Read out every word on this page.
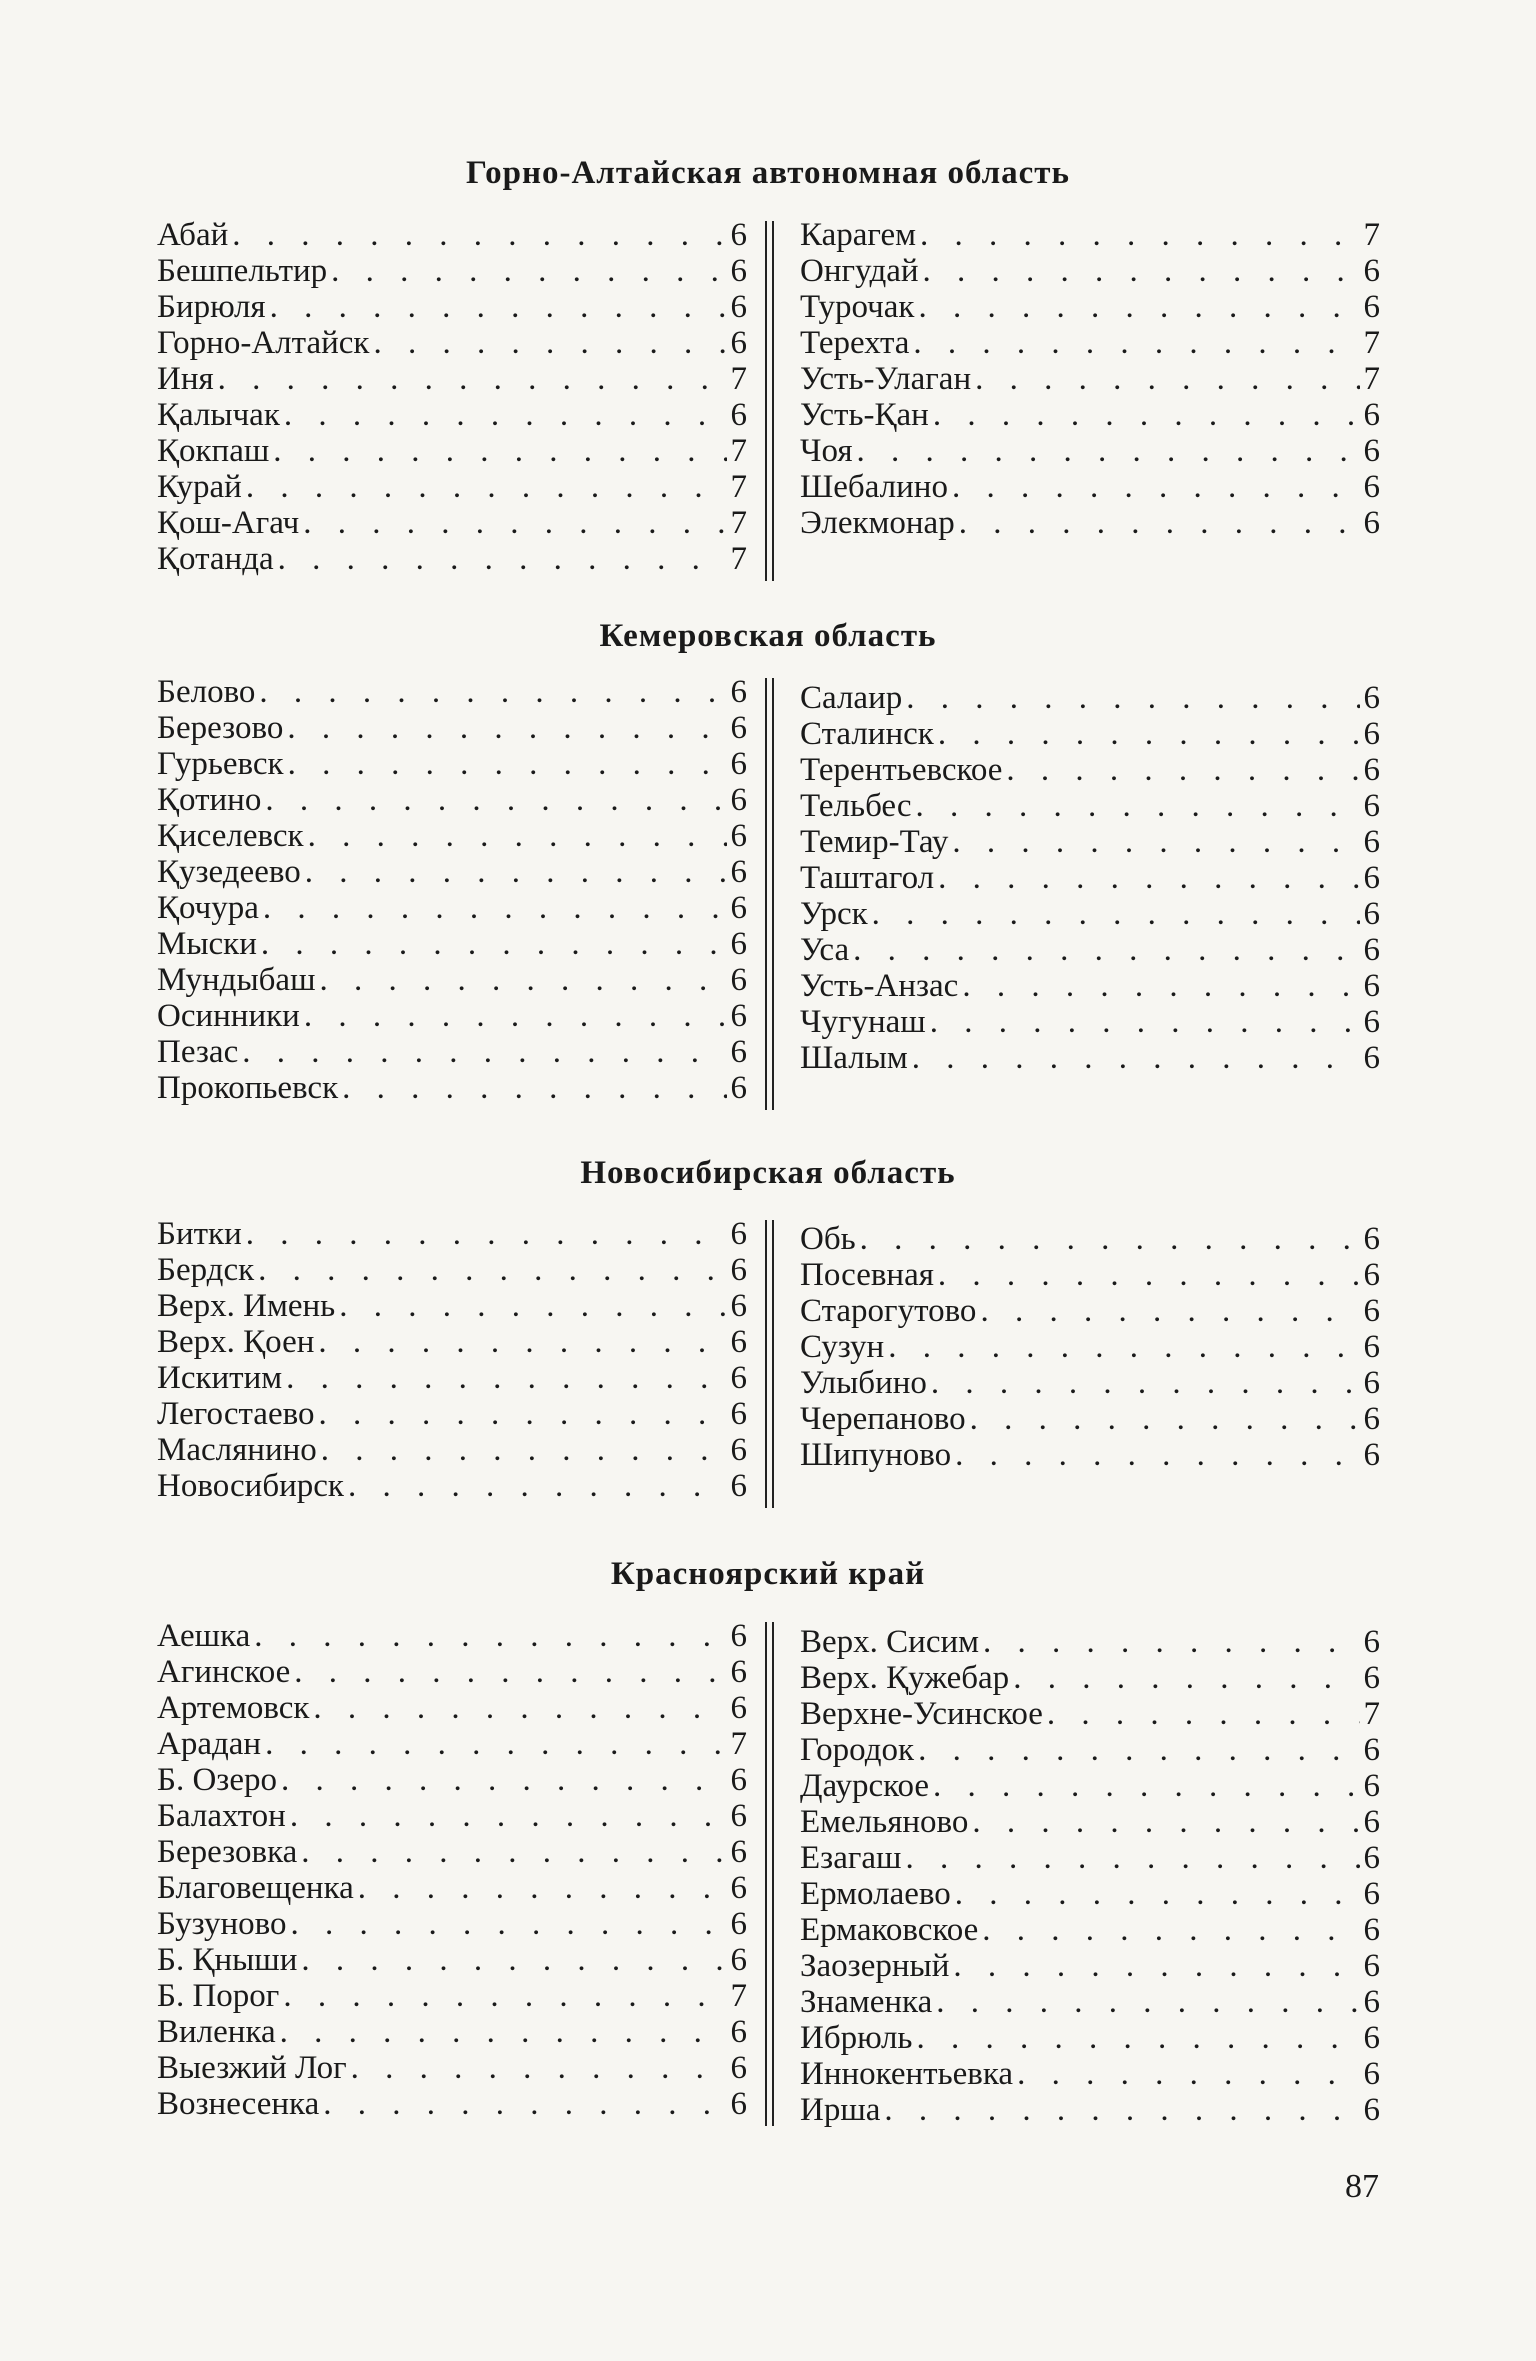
Горно-Алтайская автономная область
Абай . . .	6
Бешпельтир . . .	6
Бирюля . . .	6
Горно-Алтайск . . .	6
Иня . . .	7
Қалычак . . .	6
Қокпаш . . .	7
Курай . . .	7
Қош-Агач . . .	7
Қотанда . . .	7
Карагем . . .	7
Онгудай . . .	6
Турочак . . .	6
Терехта . . .	7
Усть-Улаган . . .	7
Усть-Қан . . .	6
Чоя . . .	6
Шебалино . . .	6
Элекмонар . . .	6
Кемеровская область
Белово . . .	6
Березово . . .	6
Гурьевск . . .	6
Қотино . . .	6
Қиселевск . . .	6
Қузедеево . . .	6
Қочура . . .	6
Мыски . . .	6
Мундыбаш . . .	6
Осинники . . .	6
Пезас . . .	6
Прокопьевск . . .	6
Салаир . . .	6
Сталинск . . .	6
Терентьевское . . .	6
Тельбес . . .	6
Темир-Тау . . .	6
Таштагол . . .	6
Урск . . .	6
Уса . . .	6
Усть-Анзас . . .	6
Чугунаш . . .	6
Шалым . . .	6
Новосибирская область
Битки . . .	6
Бердск . . .	6
Верх. Имень . . .	6
Верх. Қоен . . .	6
Искитим . . .	6
Легостаево . . .	6
Маслянино . . .	6
Новосибирск . . .	6
Обь . . .	6
Посевная . . .	6
Старогутово . . .	6
Сузун . . .	6
Улыбино . . .	6
Черепаново . . .	6
Шипуново . . .	6
Красноярский край
Аешка . . .	6
Агинское . . .	6
Артемовск . . .	6
Арадан . . .	7
Б. Озеро . . .	6
Балахтон . . .	6
Березовка . . .	6
Благовещенка . . .	6
Бузуново . . .	6
Б. Қныши . . .	6
Б. Порог . . .	7
Виленка . . .	6
Выезжий Лог . . .	6
Вознесенка . . .	6
Верх. Сисим . . .	6
Верх. Қужебар . . .	6
Верхне-Усинское . . .	7
Городок . . .	6
Даурское . . .	6
Емельяново . . .	6
Езагаш . . .	6
Ермолаево . . .	6
Ермаковское . . .	6
Заозерный . . .	6
Знаменка . . .	6
Ибрюль . . .	6
Иннокентьевка . . .	6
Ирша . . .	6
87
